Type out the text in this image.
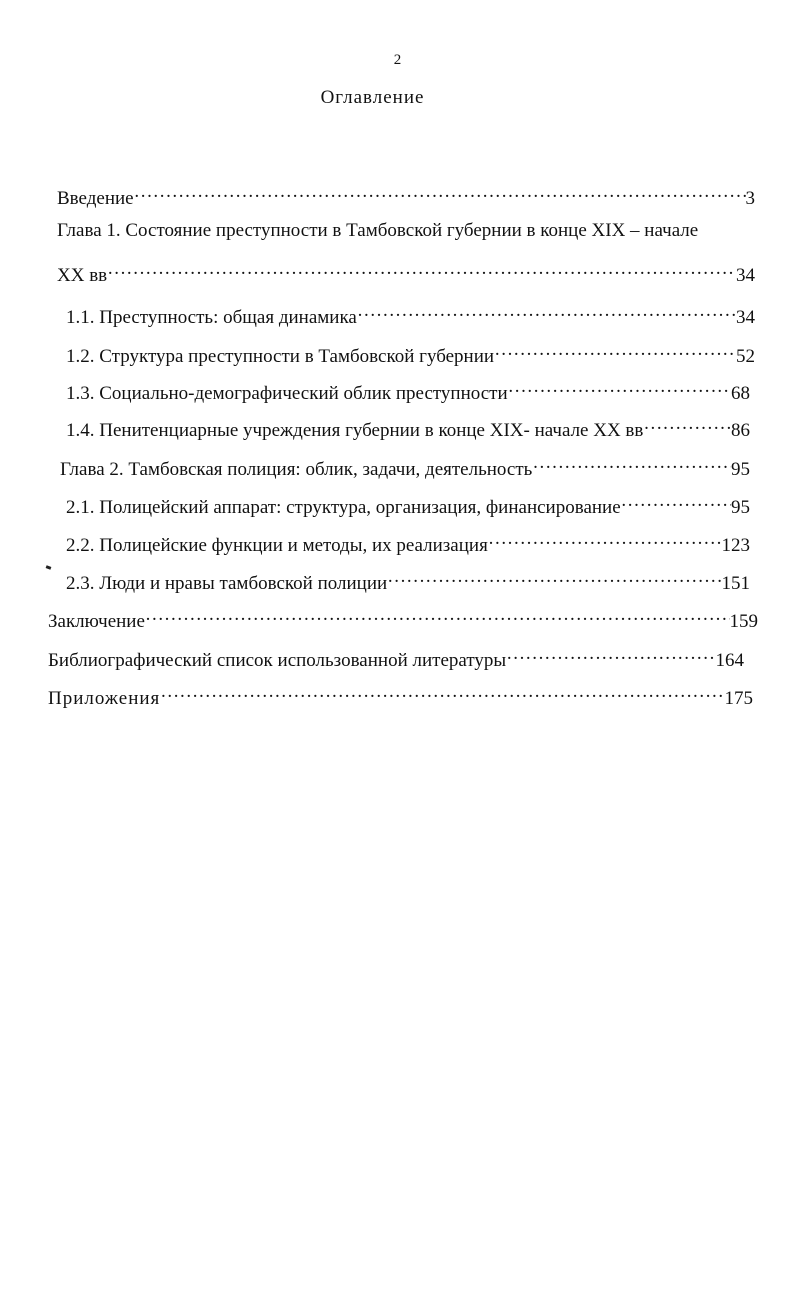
2
Оглавление
Введение ……………………………………………………………………………………………………………………………………………………………………	3
Глава 1. Состояние преступности в Тамбовской губернии в конце XIX – начале
XX вв ……………………………………………………………………………………………………………………………………………………………………	34
1.1. Преступность: общая динамика ……………………………………………………………………………………………………………………………………………………………………	34
1.2. Структура преступности в Тамбовской губернии ……………………………………………………………………………………………………………………………………………………………………	52
1.3. Социально-демографический облик преступности ……………………………………………………………………………………………………………………………………………………………………	68
1.4. Пенитенциарные учреждения губернии в конце XIX- начале XX вв ……………………………………………………………………………………………………………………………………………………………………	86
Глава 2. Тамбовская полиция: облик, задачи, деятельность ……………………………………………………………………………………………………………………………………………………………………	95
2.1. Полицейский аппарат: структура, организация, финансирование ……………………………………………………………………………………………………………………………………………………………………	95
2.2. Полицейские функции и методы, их реализация ……………………………………………………………………………………………………………………………………………………………………	123
2.3. Люди и нравы тамбовской полиции ……………………………………………………………………………………………………………………………………………………………………	151
Заключение ……………………………………………………………………………………………………………………………………………………………………	159
Библиографический список использованной литературы ……………………………………………………………………………………………………………………………………………………………………	164
Приложения ……………………………………………………………………………………………………………………………………………………………………	175
